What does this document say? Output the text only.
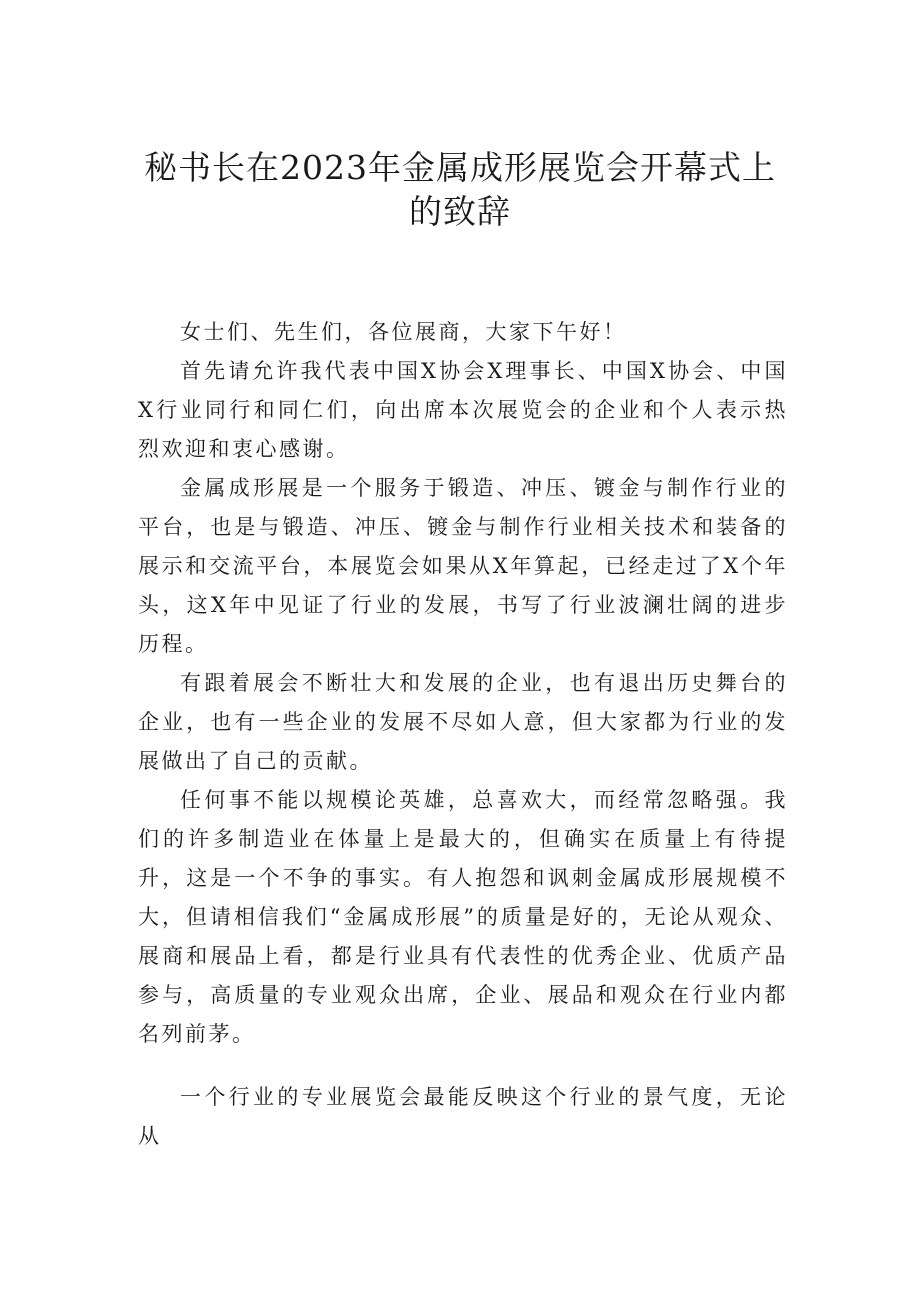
秘书长在2023年金属成形展览会开幕式上
的致辞

女士们、先生们，各位展商，大家下午好！

首先请允许我代表中国X协会X理事长、中国X协会、中国X行业同行和同仁们，向出席本次展览会的企业和个人表示热烈欢迎和衷心感谢。

金属成形展是一个服务于锻造、冲压、镀金与制作行业的平台，也是与锻造、冲压、镀金与制作行业相关技术和装备的展示和交流平台，本展览会如果从X年算起，已经走过了X个年头，这X年中见证了行业的发展，书写了行业波澜壮阔的进步历程。

有跟着展会不断壮大和发展的企业，也有退出历史舞台的企业，也有一些企业的发展不尽如人意，但大家都为行业的发展做出了自己的贡献。

任何事不能以规模论英雄，总喜欢大，而经常忽略强。我们的许多制造业在体量上是最大的，但确实在质量上有待提升，这是一个不争的事实。有人抱怨和讽刺金属成形展规模不大，但请相信我们“金属成形展”的质量是好的，无论从观众、展商和展品上看，都是行业具有代表性的优秀企业、优质产品参与，高质量的专业观众出席，企业、展品和观众在行业内都名列前茅。

一个行业的专业展览会最能反映这个行业的景气度，无论从
